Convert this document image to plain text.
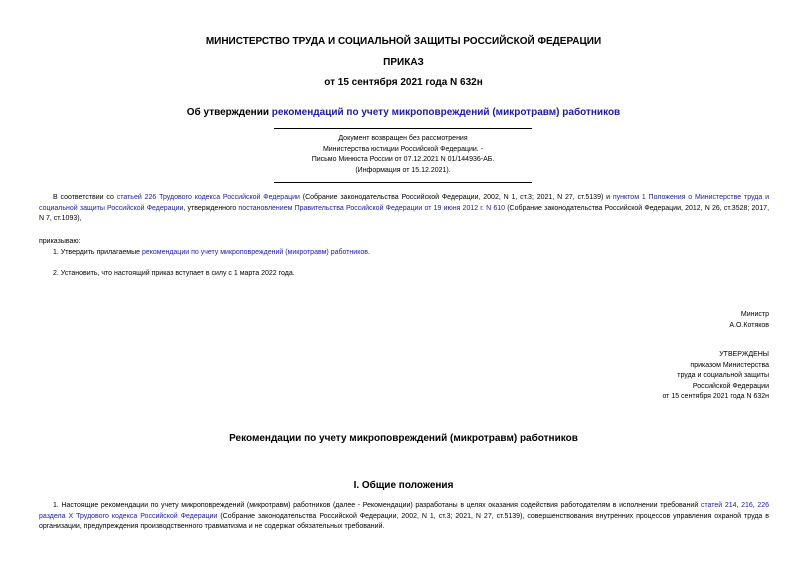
МИНИСТЕРСТВО ТРУДА И СОЦИАЛЬНОЙ ЗАЩИТЫ РОССИЙСКОЙ ФЕДЕРАЦИИ
ПРИКАЗ
от 15 сентября 2021 года N 632н
Об утверждении рекомендаций по учету микроповреждений (микротравм) работников
Документ возвращен без рассмотрения
Министерства юстиции Российской Федерации. -
Письмо Минюста России от 07.12.2021 N 01/144936-АБ.
(Информация от 15.12.2021).
В соответствии со статьей 226 Трудового кодекса Российской Федерации (Собрание законодательства Российской Федерации, 2002, N 1, ст.3; 2021, N 27, ст.5139) и пунктом 1 Положения о Министерстве труда и социальной защиты Российской Федерации, утвержденного постановлением Правительства Российской Федерации от 19 июня 2012 г. N 610 (Собрание законодательства Российской Федерации, 2012, N 26, ст.3528; 2017, N 7, ст.1093),
приказываю:
1. Утвердить прилагаемые рекомендации по учету микроповреждений (микротравм) работников.
2. Установить, что настоящий приказ вступает в силу с 1 марта 2022 года.
Министр
А.О.Котяков
УТВЕРЖДЕНЫ
приказом Министерства
труда и социальной защиты
Российской Федерации
от 15 сентября 2021 года N 632н
Рекомендации по учету микроповреждений (микротравм) работников
I. Общие положения
1. Настоящие рекомендации по учету микроповреждений (микротравм) работников (далее - Рекомендации) разработаны в целях оказания содействия работодателям в исполнении требований статей 214, 216, 226 раздела X Трудового кодекса Российской Федерации (Собрание законодательства Российской Федерации, 2002, N 1, ст.3; 2021, N 27, ст.5139), совершенствования внутренних процессов управления охраной труда в организации, предупреждения производственного травматизма и не содержат обязательных требований.
